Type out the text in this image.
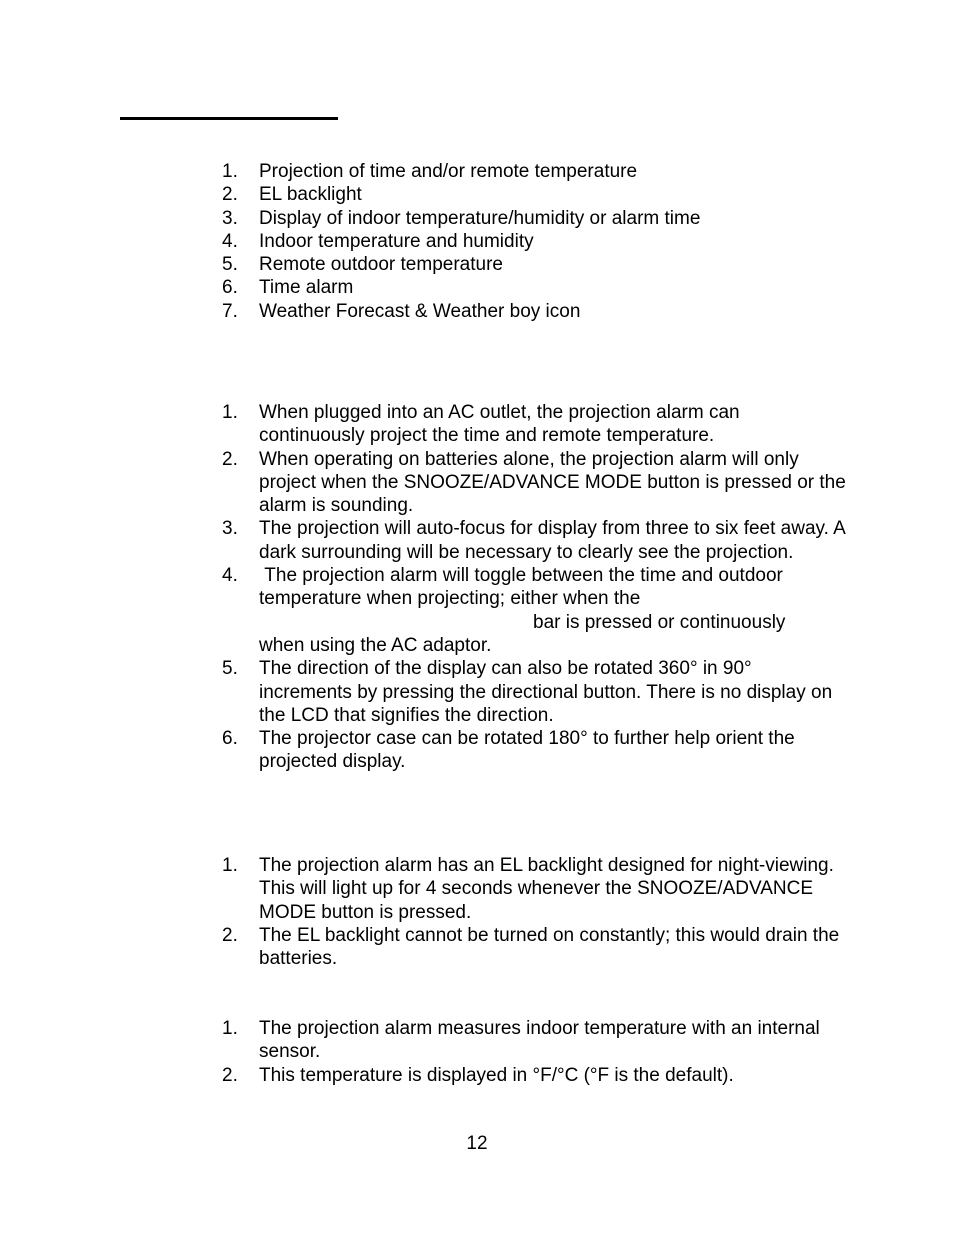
1.	Projection of time and/or remote temperature
2.	EL backlight
3.	Display of indoor temperature/humidity or alarm time
4.	Indoor temperature and humidity
5.	Remote outdoor temperature
6.	Time alarm
7.	Weather Forecast & Weather boy icon
1.	When plugged into an AC outlet, the projection alarm can continuously project the time and remote temperature.
2.	When operating on batteries alone, the projection alarm will only project when the SNOOZE/ADVANCE MODE button is pressed or the alarm is sounding.
3.	The projection will auto-focus for display from three to six feet away. A dark surrounding will be necessary to clearly see the projection.
4.	The projection alarm will toggle between the time and outdoor
temperature when projecting; either when the
bar is pressed or continuously
when using the AC adaptor.
5.	The direction of the display can also be rotated 360° in 90° increments by pressing the directional button. There is no display on the LCD that signifies the direction.
6.	The projector case can be rotated 180° to further help orient the projected display.
1.	The projection alarm has an EL backlight designed for night-viewing. This will light up for 4 seconds whenever the SNOOZE/ADVANCE MODE button is pressed.
2.	The EL backlight cannot be turned on constantly; this would drain the batteries.
1.	The projection alarm measures indoor temperature with an internal sensor.
2.	This temperature is displayed in °F/°C (°F is the default).
12
